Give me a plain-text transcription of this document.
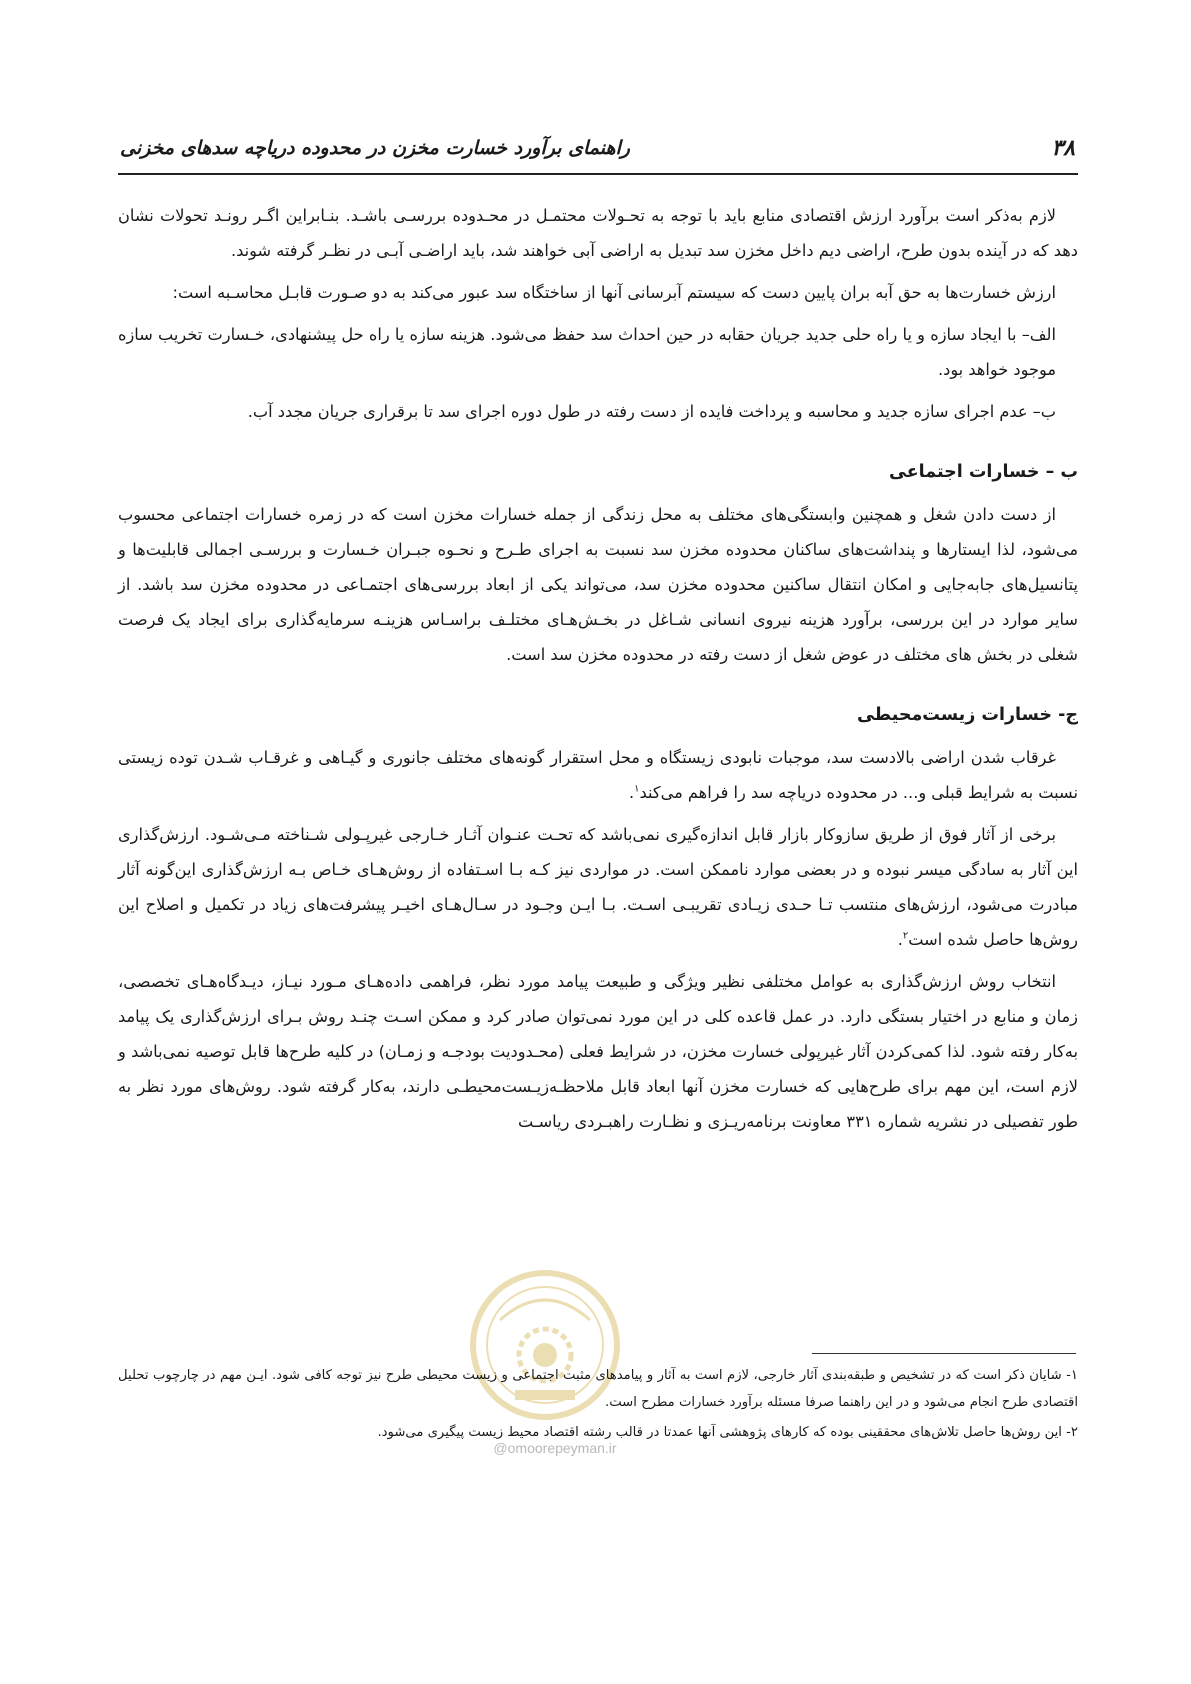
۳۸
راهنمای برآورد خسارت مخزن در محدوده دریاچه سدهای مخزنی

لازم به‌ذکر است برآورد ارزش اقتصادی منابع باید با توجه به تحـولات محتمـل در محـدوده بررسـی باشـد. بنـابراین اگـر رونـد تحولات نشان دهد که در آینده بدون طرح، اراضی دیم داخل مخزن سد تبدیل به اراضی آبی خواهند شد، باید اراضـی آبـی در نظـر گرفته شوند.

ارزش خسارت‌ها به حق آبه بران پایین دست که سیستم آبرسانی آنها از ساختگاه سد عبور می‌کند به دو صـورت قابـل محاسـبه است:

الف– با ایجاد سازه و یا راه حلی جدید جریان حقابه در حین احداث سد حفظ می‌شود. هزینه سازه یا راه حل پیشنهادی، خـسارت تخریب سازه موجود خواهد بود.

ب– عدم اجرای سازه جدید و محاسبه و پرداخت فایده از دست رفته در طول دوره اجرای سد تا برقراری جریان مجدد آب.

ب – خسارات اجتماعی

از دست دادن شغل و همچنین وابستگی‌های مختلف به محل زندگی از جمله خسارات مخزن است که در زمره خسارات اجتماعی محسوب می‌شود، لذا ایستارها و پنداشت‌های ساکنان محدوده مخزن سد نسبت به اجرای طـرح و نحـوه جبـران خـسارت و بررسـی اجمالی قابلیت‌ها و پتانسیل‌های جابه‌جایی و امکان انتقال ساکنین محدوده مخزن سد، می‌تواند یکی از ابعاد بررسی‌های اجتمـاعی در محدوده مخزن سد باشد. از سایر موارد در این بررسی، برآورد هزینه نیروی انسانی شـاغل در بخـش‌هـای مختلـف براسـاس هزینـه سرمایه‌گذاری برای ایجاد یک فرصت شغلی در بخش های مختلف در عوض شغل از دست رفته در محدوده مخزن سد است.

ج- خسارات زیست‌محیطی

غرقاب شدن اراضی بالادست سد، موجبات نابودی زیستگاه و محل استقرار گونه‌های مختلف جانوری و گیـاهی و غرقـاب شـدن توده زیستی نسبت به شرایط قبلی و... در محدوده دریاچه سد را فراهم می‌کند$^۱$.

برخی از آثار فوق از طریق سازوکار بازار قابل اندازه‌گیری نمی‌باشد که تحـت عنـوان آثـار خـارجی غیرپـولی شـناخته مـی‌شـود. ارزش‌گذاری این آثار به سادگی میسر نبوده و در بعضی موارد ناممکن است. در مواردی نیز کـه بـا اسـتفاده از روش‌هـای خـاص بـه ارزش‌گذاری این‌گونه آثار مبادرت می‌شود، ارزش‌های منتسب تـا حـدی زیـادی تقریبـی اسـت. بـا ایـن وجـود در سـال‌هـای اخیـر پیشرفت‌های زیاد در تکمیل و اصلاح این روش‌ها حاصل شده است$^۲$.

انتخاب روش ارزش‌گذاری به عوامل مختلفی نظیر ویژگی و طبیعت پیامد مورد نظر، فراهمی داده‌هـای مـورد نیـاز، دیـدگاه‌هـای تخصصی، زمان و منابع در اختیار بستگی دارد. در عمل قاعده کلی در این مورد نمی‌توان صادر کرد و ممکن اسـت چنـد روش بـرای ارزش‌گذاری یک پیامد به‌کار رفته شود. لذا کمی‌کردن آثار غیرپولی خسارت مخزن، در شرایط فعلی (محـدودیت بودجـه و زمـان) در کلیه طرح‌ها قابل توصیه نمی‌باشد و لازم است، این مهم برای طرح‌هایی که خسارت مخزن آنها ابعاد قابل ملاحظـه‌زیـست‌محیطـی دارند، به‌کار گرفته شود. روش‌های مورد نظر به طور تفصیلی در نشریه شماره ۳۳۱ معاونت برنامه‌ریـزی و نظـارت راهبـردی ریاسـت

@omoorepeyman.ir

۱- شایان ذکر است که در تشخیص و طبقه‌بندی آثار خارجی، لازم است به آثار و پیامدهای مثبت اجتماعی و زیست محیطی طرح نیز توجه کافی شود. ایـن مهم در چارچوب تحلیل اقتصادی طرح انجام می‌شود و در این راهنما صرفا مسئله برآورد خسارات مطرح است.

۲- این روش‌ها حاصل تلاش‌های محققینی بوده که کارهای پژوهشی آنها عمدتا در قالب رشته اقتصاد محیط زیست پیگیری می‌شود.
